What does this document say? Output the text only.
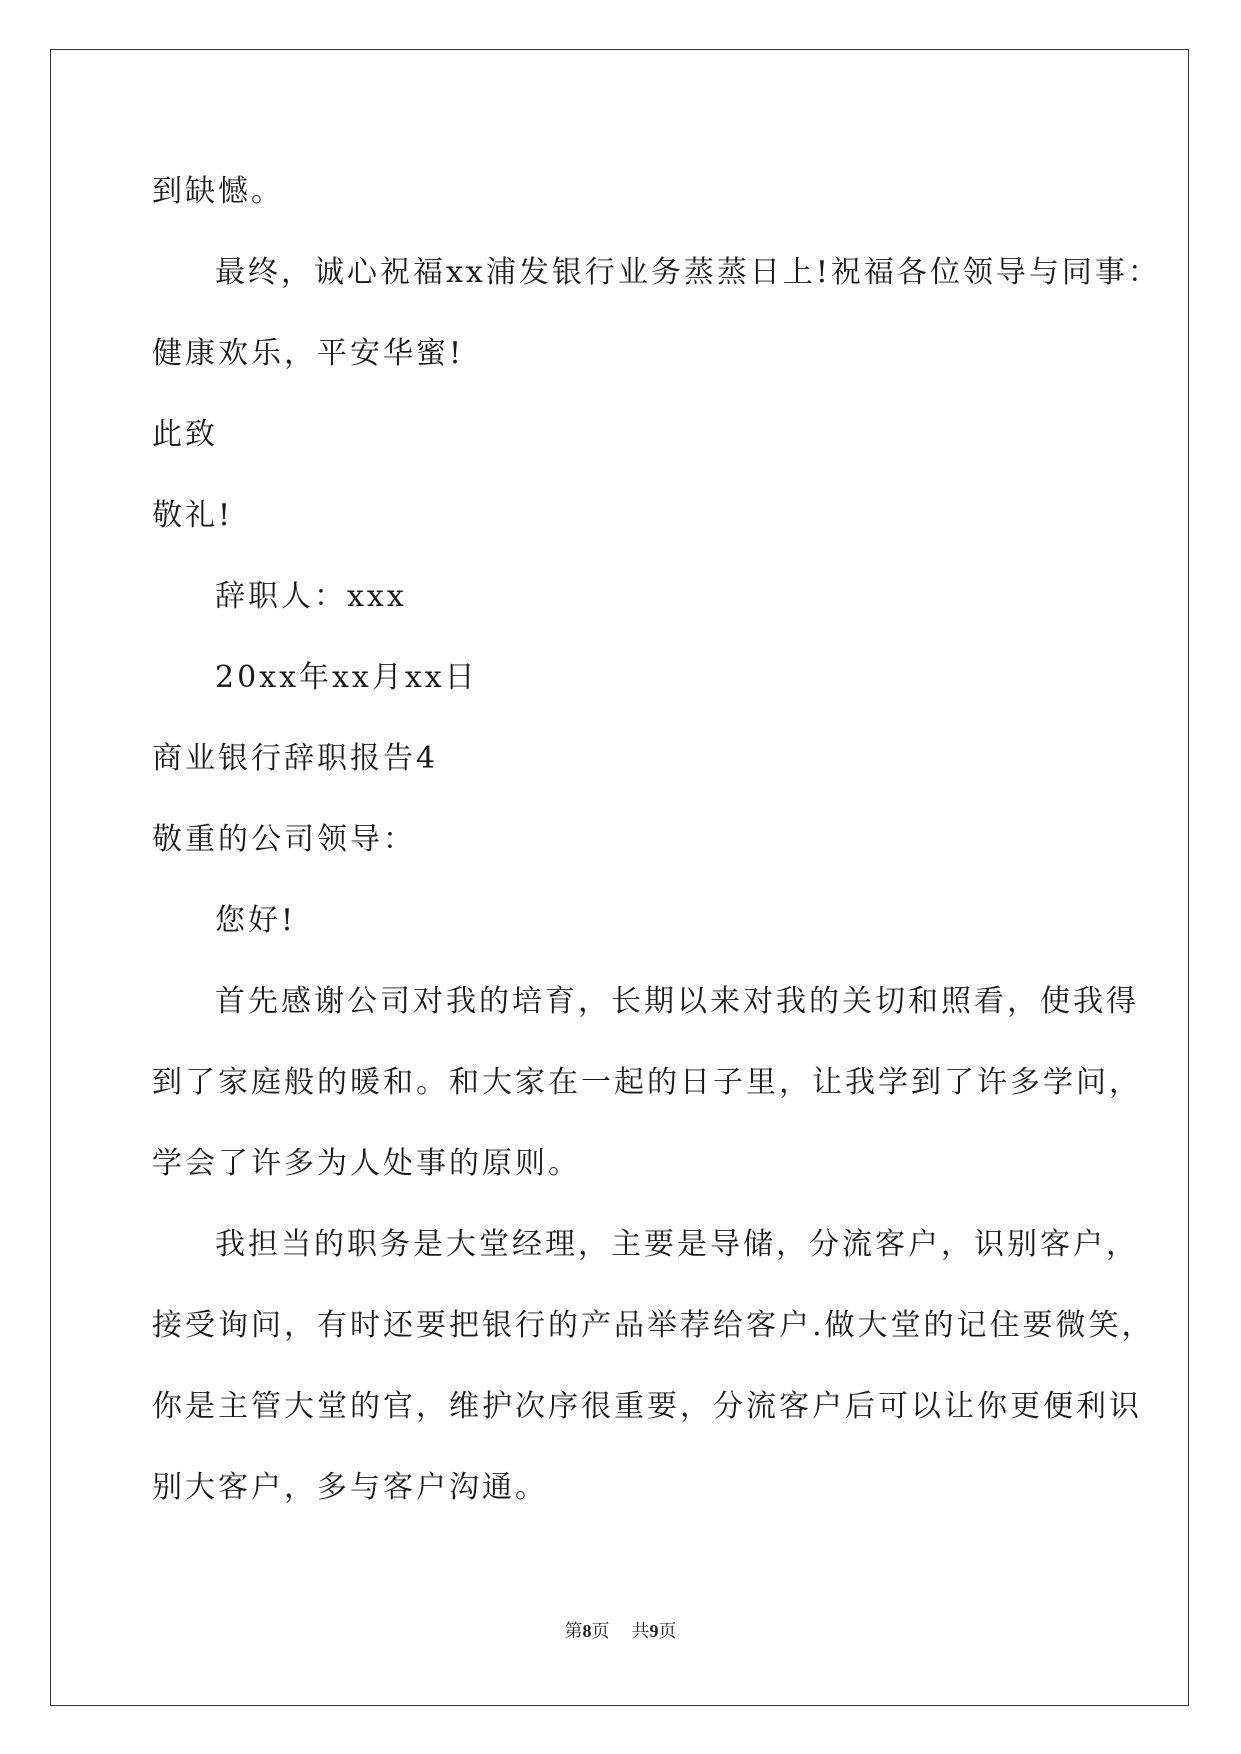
到缺憾。
最终，诚心祝福xx浦发银行业务蒸蒸日上!祝福各位领导与同事：
健康欢乐，平安华蜜!
此致
敬礼!
辞职人：xxx
20xx年xx月xx日
商业银行辞职报告4
敬重的公司领导：
您好!
首先感谢公司对我的培育，长期以来对我的关切和照看，使我得
到了家庭般的暖和。和大家在一起的日子里，让我学到了许多学问，
学会了许多为人处事的原则。
我担当的职务是大堂经理，主要是导储，分流客户，识别客户，
接受询问，有时还要把银行的产品举荐给客户.做大堂的记住要微笑，
你是主管大堂的官，维护次序很重要，分流客户后可以让你更便利识
别大客户，多与客户沟通。
第8页 共9页
